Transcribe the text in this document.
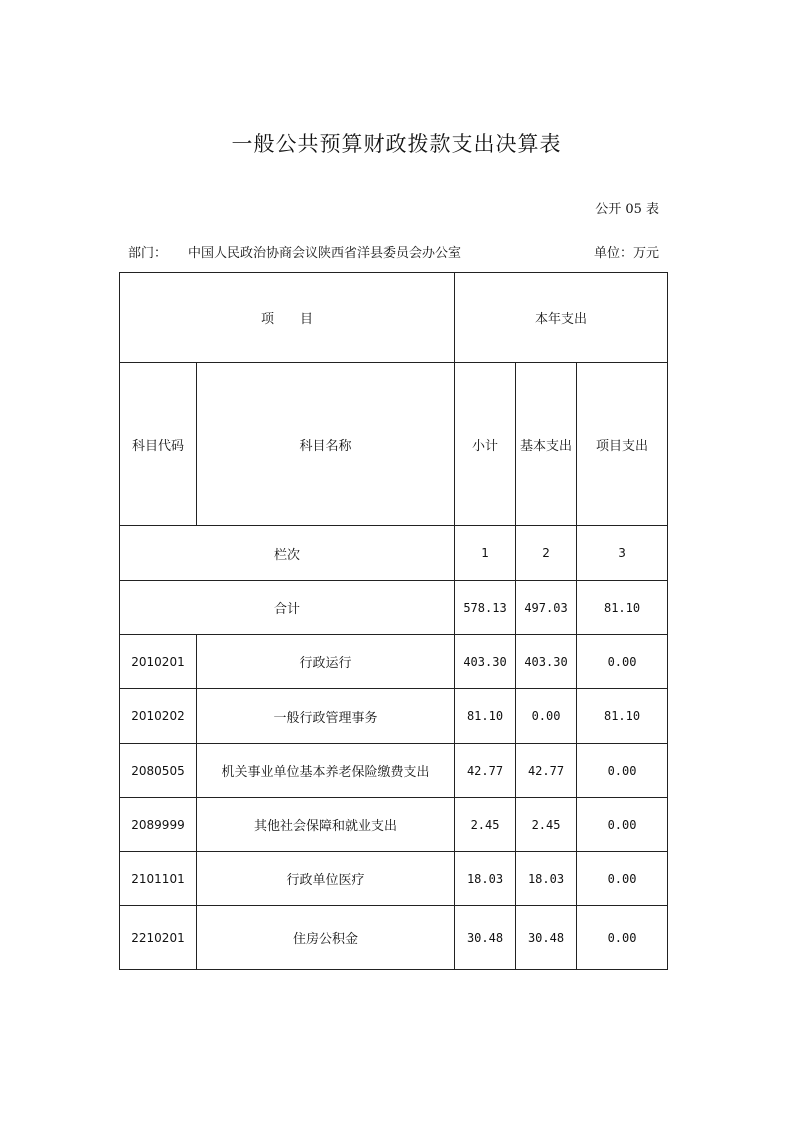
一般公共预算财政拨款支出决算表
公开 05 表
部门： 中国人民政治协商会议陕西省洋县委员会办公室	单位：万元
项　　目		本年支出		
科目代码	科目名称	小计	基本支出	项目支出
栏次		1	2	3
合计		578.13	497.03	81.10
2010201	行政运行	403.30	403.30	0.00
2010202	一般行政管理事务	81.10	0.00	81.10
2080505	机关事业单位基本养老保险缴费支出	42.77	42.77	0.00
2089999	其他社会保障和就业支出	2.45	2.45	0.00
2101101	行政单位医疗	18.03	18.03	0.00
2210201	住房公积金	30.48	30.48	0.00
